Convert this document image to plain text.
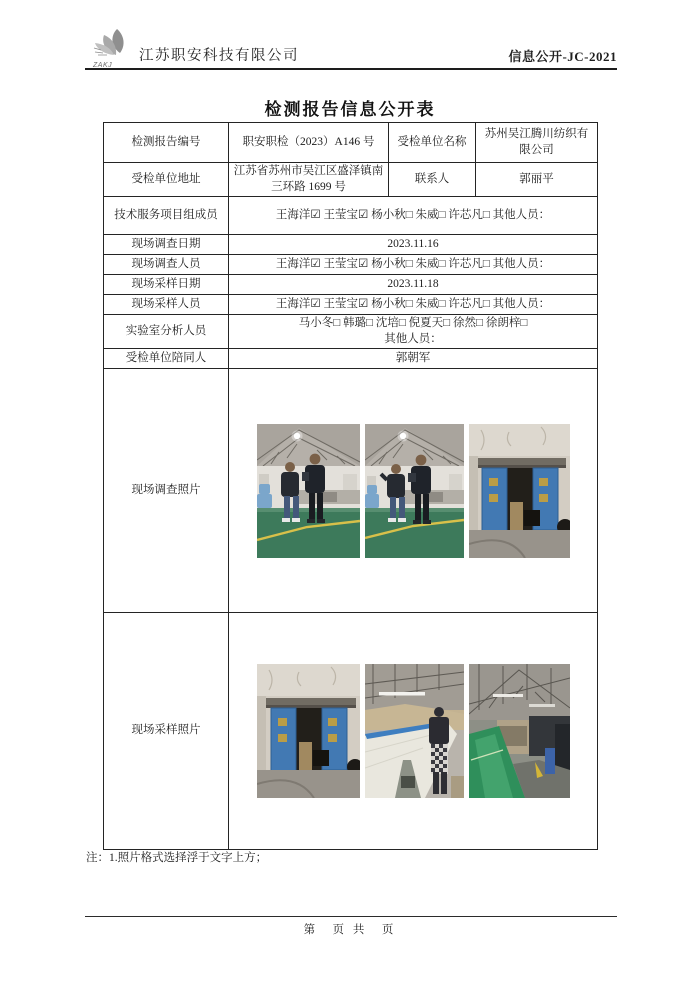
ZAKJ
江苏职安科技有限公司	信息公开-JC-2021
检测报告信息公开表
检测报告编号	职安职检（2023）A146 号	受检单位名称	苏州吴江腾川纺织有限公司
受检单位地址	江苏省苏州市吴江区盛泽镇南三环路 1699 号	联系人	郭丽平
技术服务项目组成员	王海洋☑ 王莹宝☑ 杨小秋□ 朱威□ 许芯凡□ 其他人员：		
现场调查日期	2023.11.16		
现场调查人员	王海洋☑ 王莹宝☑ 杨小秋□ 朱威□ 许芯凡□ 其他人员：		
现场采样日期	2023.11.18		
现场采样人员	王海洋☑ 王莹宝☑ 杨小秋□ 朱威□ 许芯凡□ 其他人员：		
实验室分析人员	马小冬□ 韩璐□ 沈培□ 倪夏天□ 徐然□ 徐朗梓□
其他人员：		

受检单位陪同人	郭朝军		
现场调查照片	

现场采样照片	
注：1.照片格式选择浮于文字上方；
第　页 共　页
